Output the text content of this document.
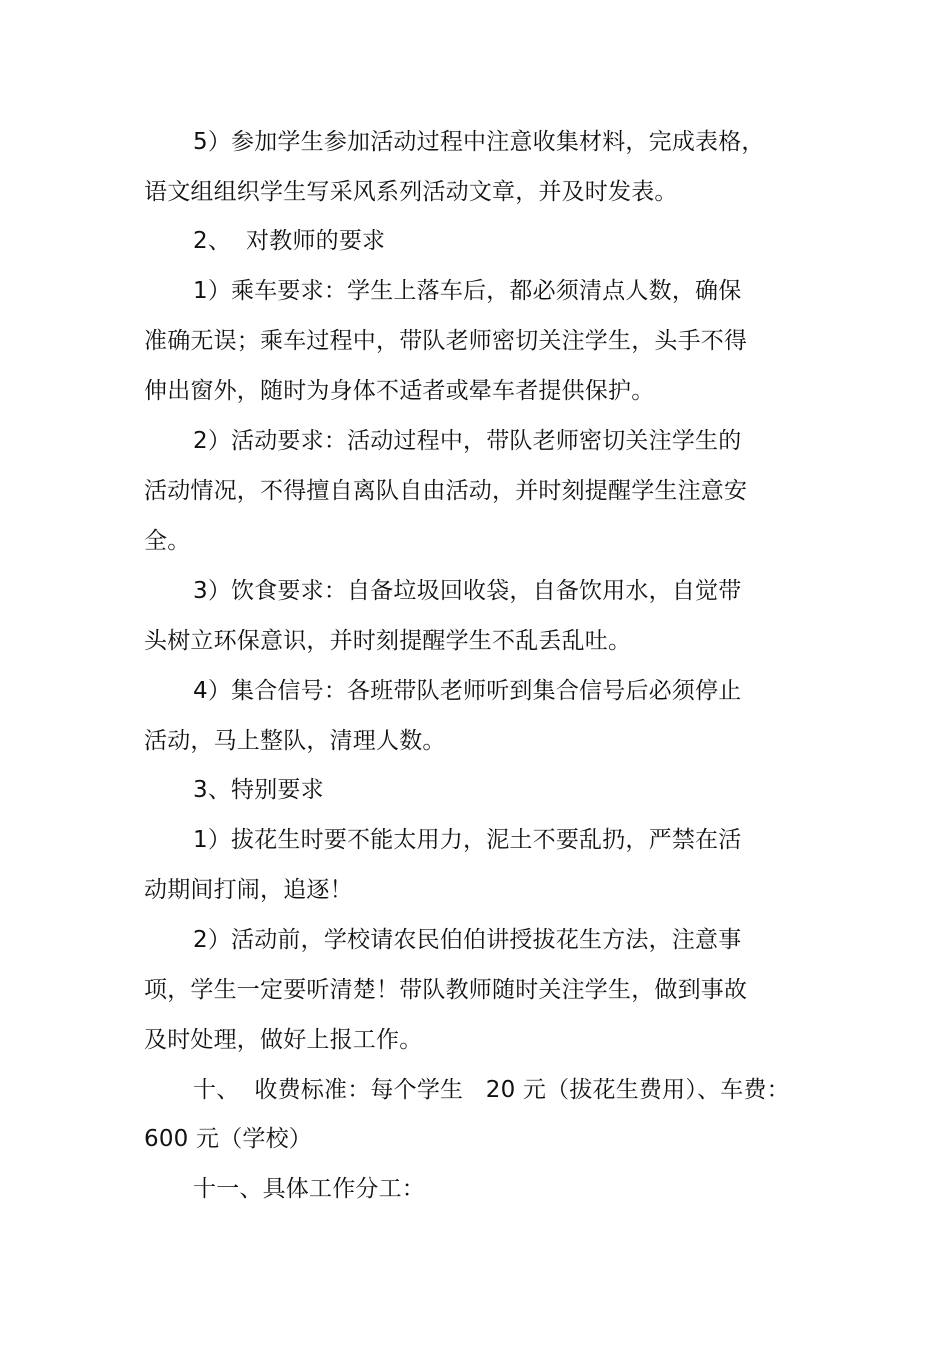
5）参加学生参加活动过程中注意收集材料，完成表格，
语文组组织学生写采风系列活动文章，并及时发表。
2、  对教师的要求
1）乘车要求：学生上落车后，都必须清点人数，确保
准确无误；乘车过程中，带队老师密切关注学生，头手不得
伸出窗外，随时为身体不适者或晕车者提供保护。
2）活动要求：活动过程中，带队老师密切关注学生的
活动情况，不得擅自离队自由活动，并时刻提醒学生注意安
全。
3）饮食要求：自备垃圾回收袋，自备饮用水，自觉带
头树立环保意识，并时刻提醒学生不乱丢乱吐。
4）集合信号：各班带队老师听到集合信号后必须停止
活动，马上整队，清理人数。
3、特别要求
1）拔花生时要不能太用力，泥土不要乱扔，严禁在活
动期间打闹，追逐！
2）活动前，学校请农民伯伯讲授拔花生方法，注意事
项，学生一定要听清楚！带队教师随时关注学生，做到事故
及时处理，做好上报工作。
十、  收费标准：每个学生   20 元（拔花生费用）、车费：
600 元（学校）
十一、具体工作分工：
